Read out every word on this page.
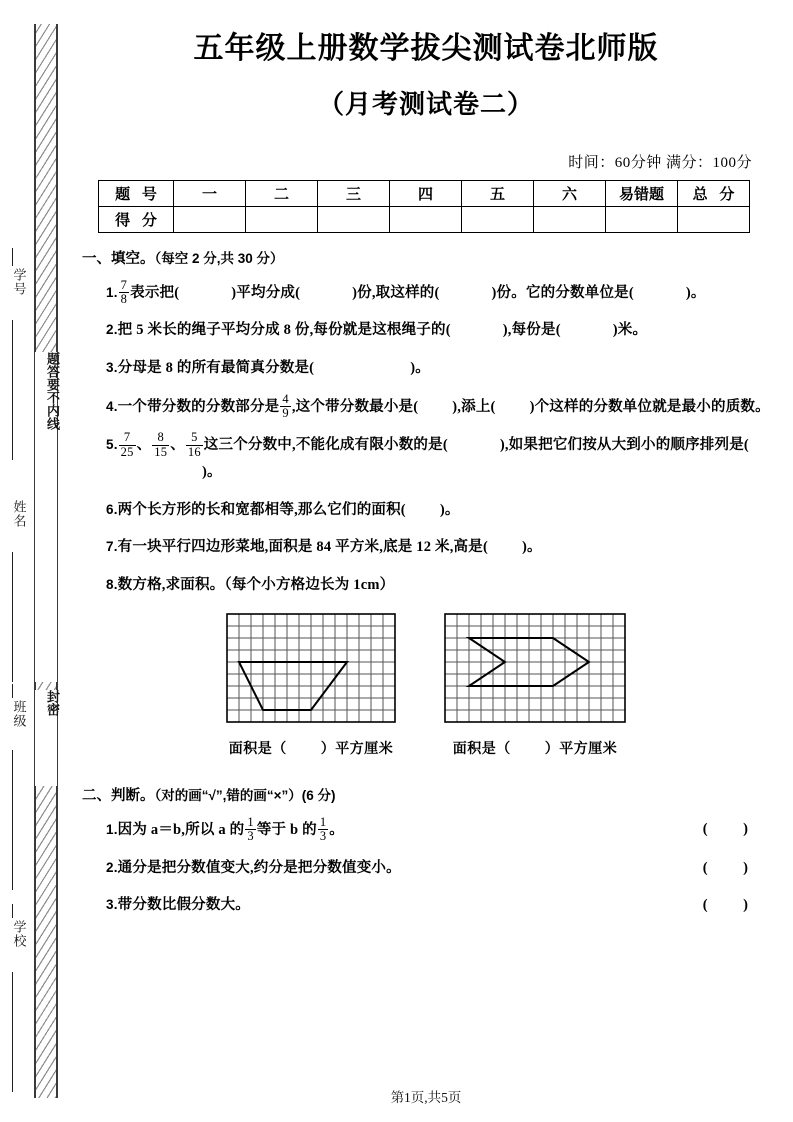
题答要不内线
封密
学号
姓名
班级
学校
五年级上册数学拔尖测试卷北师版
（月考测试卷二）
时间：60分钟 满分：100分
题 号	一	二	三	四	五	六	易错题	总 分
得 分								
一、填空。（每空 2 分,共 30 分）
1. $\frac{7}{8}$ 表示把(	)平均分成(	)份,取这样的(	)份。它的分数单位是(	)。
2.把 5 米长的绳子平均分成 8 份,每份就是这根绳子的(	),每份是(	)米。
3.分母是 8 的所有最简真分数是(	)。
4.一个带分数的分数部分是 $\frac{4}{9}$ ,这个带分数最小是( ),添上( )个这样的分数单位就是最小的质数。
5. $\frac{7}{25}$ 、 $\frac{8}{15}$ 、 $\frac{5}{16}$ 这三个分数中,不能化成有限小数的是(	),如果把它们按从大到小的顺序排列是()。
6.两个长方形的长和宽都相等,那么它们的面积( )。
7.有一块平行四边形菜地,面积是 84 平方米,底是 12 米,高是( )。
8.数方格,求面积。（每个小方格边长为 1cm）
面积是（ ）平方厘米	面积是（ ）平方厘米
二、判断。（对的画“√”,错的画“×”）(6 分)
1.因为 a＝b,所以 a 的 $\frac{1}{3}$ 等于 b 的 $\frac{1}{3}$ 。	( )
2.通分是把分数值变大,约分是把分数值变小。	( )
3.带分数比假分数大。	( )
第1页,共5页
